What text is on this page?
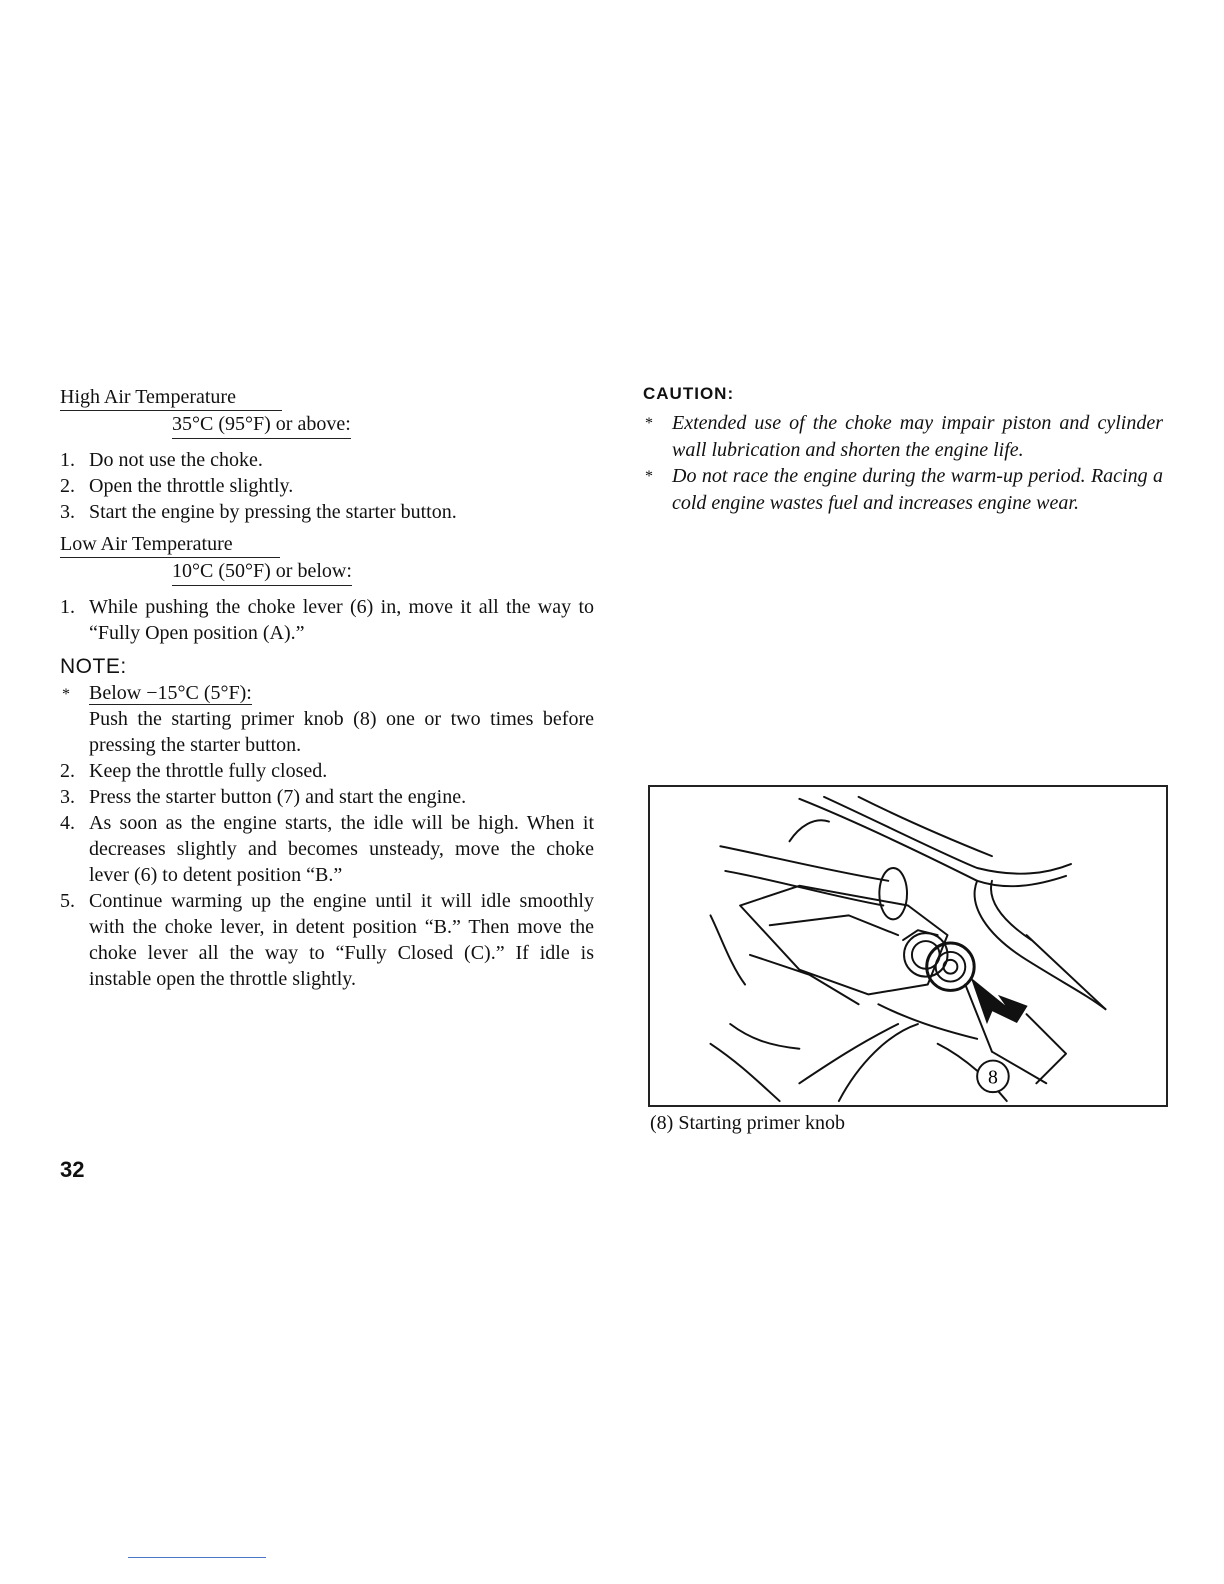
High Air Temperature
35°C (95°F) or above:
1. Do not use the choke.
2. Open the throttle slightly.
3. Start the engine by pressing the starter button.
Low Air Temperature
10°C (50°F) or below:
1. While pushing the choke lever (6) in, move it all the way to “Fully Open position (A).”
NOTE:
* Below −15°C (5°F):
Push the starting primer knob (8) one or two times before pressing the starter button.
2. Keep the throttle fully closed.
3. Press the starter button (7) and start the engine.
4. As soon as the engine starts, the idle will be high. When it decreases slightly and becomes unsteady, move the choke lever (6) to detent position “B.”
5. Continue warming up the engine until it will idle smoothly with the choke lever, in detent position “B.” Then move the choke lever all the way to “Fully Closed (C).” If idle is instable open the throttle slightly.
CAUTION:
* Extended use of the choke may impair piston and cylinder wall lubrication and shorten the engine life.
* Do not race the engine during the warm-up period. Racing a cold engine wastes fuel and increases engine wear.
8
(8) Starting primer knob
32
